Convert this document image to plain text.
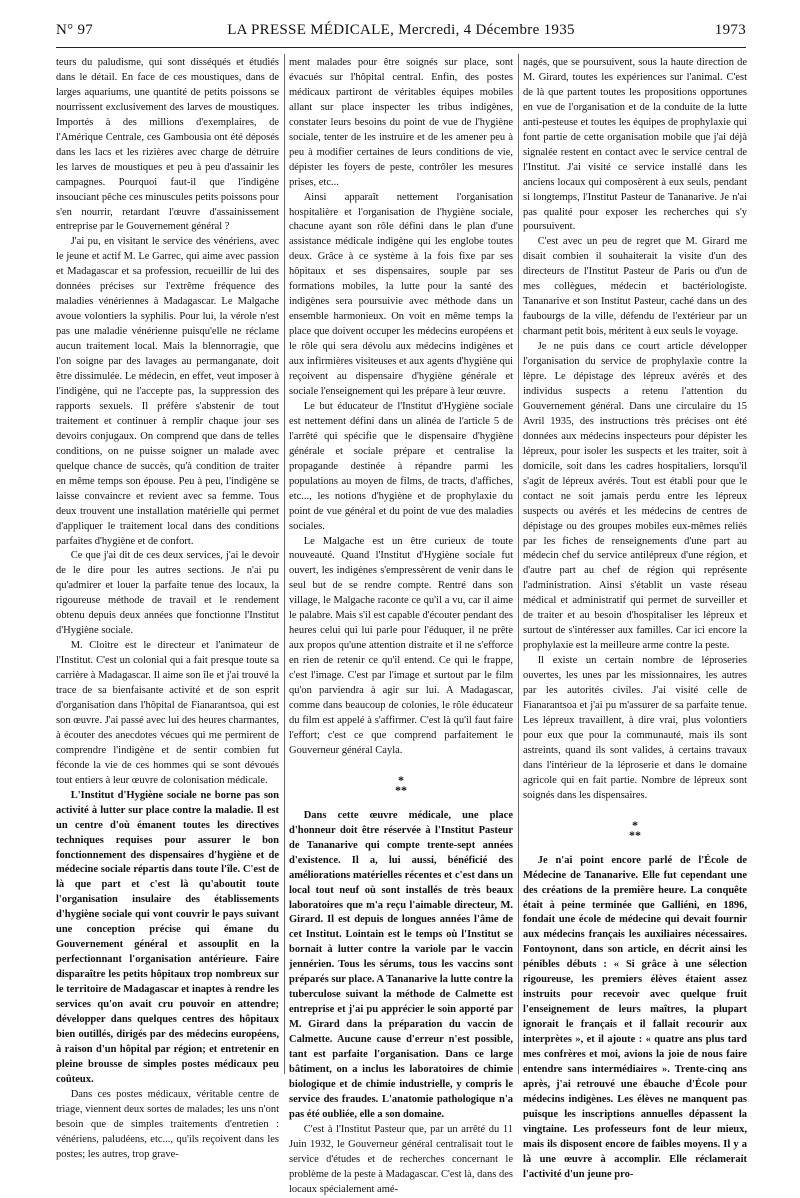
N° 97	LA PRESSE MÉDICALE, Mercredi, 4 Décembre 1935	1973

teurs du paludisme, qui sont disséqués et étudiés dans le détail. En face de ces moustiques, dans de larges aquariums, une quantité de petits poissons se nourrissent exclusivement des larves de moustiques. Importés à des millions d'exemplaires, de l'Amérique Centrale, ces Gambousia ont été déposés dans les lacs et les rizières avec charge de détruire les larves de moustiques et peu à peu d'assainir les campagnes. Pourquoi faut-il que l'indigène insouciant pêche ces minuscules petits poissons pour s'en nourrir, retardant l'œuvre d'assainissement entreprise par le Gouvernement général ?

J'ai pu, en visitant le service des vénériens, avec le jeune et actif M. Le Garrec, qui aime avec passion et Madagascar et sa profession, recueillir de lui des données précises sur l'extrême fréquence des maladies vénériennes à Madagascar. Le Malgache avoue volontiers la syphilis. Pour lui, la vérole n'est pas une maladie vénérienne puisqu'elle ne réclame aucun traitement local. Mais la blennorragie, que l'on soigne par des lavages au permanganate, doit être dissimulée. Le médecin, en effet, veut imposer à l'indigène, qui ne l'accepte pas, la suppression des rapports sexuels. Il préfère s'abstenir de tout traitement et continuer à remplir chaque jour ses devoirs conjugaux. On comprend que dans de telles conditions, on ne puisse soigner un malade avec quelque chance de succès, qu'à condition de traiter en même temps son épouse. Peu à peu, l'indigène se laisse convaincre et revient avec sa femme. Tous deux trouvent une installation matérielle qui permet d'appliquer le traitement local dans des conditions parfaites d'hygiène et de confort.

Ce que j'ai dit de ces deux services, j'ai le devoir de le dire pour les autres sections. Je n'ai pu qu'admirer et louer la parfaite tenue des locaux, la rigoureuse méthode de travail et le rendement obtenu depuis deux années que fonctionne l'Institut d'Hygiène sociale.

M. Cloitre est le directeur et l'animateur de l'Institut. C'est un colonial qui a fait presque toute sa carrière à Madagascar. Il aime son île et j'ai trouvé la trace de sa bienfaisante activité et de son esprit d'organisation dans l'hôpital de Fianarantsoa, qui est son œuvre. J'ai passé avec lui des heures charmantes, à écouter des anecdotes vécues qui me permirent de comprendre l'indigène et de sentir combien fut féconde la vie de ces hommes qui se sont dévoués tout entiers à leur œuvre de colonisation médicale.

L'Institut d'Hygiène sociale ne borne pas son activité à lutter sur place contre la maladie. Il est un centre d'où émanent toutes les directives techniques requises pour assurer le bon fonctionnement des dispensaires d'hygiène et de médecine sociale répartis dans toute l'île. C'est de là que part et c'est là qu'aboutit toute l'organisation insulaire des établissements d'hygiène sociale qui vont couvrir le pays suivant une conception précise qui émane du Gouvernement général et assouplit en la perfectionnant l'organisation antérieure. Faire disparaître les petits hôpitaux trop nombreux sur le territoire de Madagascar et inaptes à rendre les services qu'on avait cru pouvoir en attendre; développer dans quelques centres des hôpitaux bien outillés, dirigés par des médecins européens, à raison d'un hôpital par région; et entretenir en pleine brousse de simples postes médicaux peu coûteux.

Dans ces postes médicaux, véritable centre de triage, viennent deux sortes de malades; les uns n'ont besoin que de simples traitements d'entretien : vénériens, paludéens, etc..., qu'ils reçoivent dans les postes; les autres, trop grave-

ment malades pour être soignés sur place, sont évacués sur l'hôpital central. Enfin, des postes médicaux partiront de véritables équipes mobiles allant sur place inspecter les tribus indigènes, constater leurs besoins du point de vue de l'hygiène sociale, tenter de les instruire et de les amener peu à peu à modifier certaines de leurs conditions de vie, dépister les foyers de peste, contrôler les mesures prises, etc...

Ainsi apparaît nettement l'organisation hospitalière et l'organisation de l'hygiène sociale, chacune ayant son rôle défini dans le plan d'une assistance médicale indigène qui les englobe toutes deux. Grâce à ce système à la fois fixe par ses hôpitaux et ses dispensaires, souple par ses formations mobiles, la lutte pour la santé des indigènes sera poursuivie avec méthode dans un ensemble harmonieux. On voit en même temps la place que doivent occuper les médecins européens et le rôle qui sera dévolu aux médecins indigènes et aux infirmières visiteuses et aux agents d'hygiène qui reçoivent au dispensaire d'hygiène générale et sociale l'enseignement qui les prépare à leur œuvre.

Le but éducateur de l'Institut d'Hygiène sociale est nettement défini dans un alinéa de l'article 5 de l'arrêté qui spécifie que le dispensaire d'hygiène générale et sociale prépare et centralise la propagande destinée à répandre parmi les populations au moyen de films, de tracts, d'affiches, etc..., les notions d'hygiène et de prophylaxie du point de vue général et du point de vue des maladies sociales.

Le Malgache est un être curieux de toute nouveauté. Quand l'Institut d'Hygiène sociale fut ouvert, les indigènes s'empressèrent de venir dans le seul but de se rendre compte. Rentré dans son village, le Malgache raconte ce qu'il a vu, car il aime le palabre. Mais s'il est capable d'écouter pendant des heures celui qui lui parle pour l'éduquer, il ne prête aux propos qu'une attention distraite et il ne s'efforce en rien de retenir ce qu'il entend. Ce qui le frappe, c'est l'image. C'est par l'image et surtout par le film qu'on parviendra à agir sur lui. A Madagascar, comme dans beaucoup de colonies, le rôle éducateur du film est appelé à s'affirmer. C'est là qu'il faut faire l'effort; c'est ce que comprend parfaitement le Gouverneur général Cayla.

*
**

Dans cette œuvre médicale, une place d'honneur doit être réservée à l'Institut Pasteur de Tananarive qui compte trente-sept années d'existence. Il a, lui aussi, bénéficié des améliorations matérielles récentes et c'est dans un local tout neuf où sont installés de très beaux laboratoires que m'a reçu l'aimable directeur, M. Girard. Il est depuis de longues années l'âme de cet Institut. Lointain est le temps où l'Institut se bornait à lutter contre la variole par le vaccin jennérien. Tous les sérums, tous les vaccins sont préparés sur place. A Tananarive la lutte contre la tuberculose suivant la méthode de Calmette est entreprise et j'ai pu apprécier le soin apporté par M. Girard dans la préparation du vaccin de Calmette. Aucune cause d'erreur n'est possible, tant est parfaite l'organisation. Dans ce large bâtiment, on a inclus les laboratoires de chimie biologique et de chimie industrielle, y compris le service des fraudes. L'anatomie pathologique n'a pas été oubliée, elle a son domaine.

C'est à l'Institut Pasteur que, par un arrêté du 11 Juin 1932, le Gouverneur général centralisait tout le service d'études et de recherches concernant le problème de la peste à Madagascar. C'est là, dans des locaux spécialement amé-

nagés, que se poursuivent, sous la haute direction de M. Girard, toutes les expériences sur l'animal. C'est de là que partent toutes les propositions opportunes en vue de l'organisation et de la conduite de la lutte anti-pesteuse et toutes les équipes de prophylaxie qui font partie de cette organisation mobile que j'ai déjà signalée restent en contact avec le service central de l'Institut. J'ai visité ce service installé dans les anciens locaux qui composèrent à eux seuls, pendant si longtemps, l'Institut Pasteur de Tananarive. Je n'ai pas qualité pour exposer les recherches qui s'y poursuivent.

C'est avec un peu de regret que M. Girard me disait combien il souhaiterait la visite d'un des directeurs de l'Institut Pasteur de Paris ou d'un de mes collègues, médecin et bactériologiste. Tananarive et son Institut Pasteur, caché dans un des faubourgs de la ville, défendu de l'extérieur par un charmant petit bois, méritent à eux seuls le voyage.

Je ne puis dans ce court article développer l'organisation du service de prophylaxie contre la lèpre. Le dépistage des lépreux avérés et des individus suspects a retenu l'attention du Gouvernement général. Dans une circulaire du 15 Avril 1935, des instructions très précises ont été données aux médecins inspecteurs pour dépister les lépreux, pour isoler les suspects et les traiter, soit à domicile, soit dans les cadres hospitaliers, lorsqu'il s'agit de lépreux avérés. Tout est établi pour que le contact ne soit jamais perdu entre les lépreux suspects ou avérés et les médecins de centres de dépistage ou des groupes mobiles eux-mêmes reliés par les fiches de renseignements d'une part au médecin chef du service antilépreux d'une région, et d'autre part au chef de région qui représente l'administration. Ainsi s'établit un vaste réseau médical et administratif qui permet de surveiller et de traiter et au besoin d'hospitaliser les lépreux et surtout de s'intéresser aux familles. Car ici encore la prophylaxie est la meilleure arme contre la peste.

Il existe un certain nombre de léproseries ouvertes, les unes par les missionnaires, les autres par les autorités civiles. J'ai visité celle de Fianarantsoa et j'ai pu m'assurer de sa parfaite tenue. Les lépreux travaillent, à dire vrai, plus volontiers pour eux que pour la communauté, mais ils sont astreints, quand ils sont valides, à certains travaux dans l'intérieur de la léproserie et dans le domaine agricole qui en fait partie. Nombre de lépreux sont soignés dans les dispensaires.

*
**

Je n'ai point encore parlé de l'École de Médecine de Tananarive. Elle fut cependant une des créations de la première heure. La conquête était à peine terminée que Galliéni, en 1896, fondait une école de médecine qui devait fournir aux médecins français les auxiliaires nécessaires. Fontoynont, dans son article, en décrit ainsi les pénibles débuts : « Si grâce à une sélection rigoureuse, les premiers élèves étaient assez instruits pour recevoir avec quelque fruit l'enseignement de leurs maîtres, la plupart ignorait le français et il fallait recourir aux interprètes », et il ajoute : « quatre ans plus tard mes confrères et moi, avions la joie de nous faire entendre sans intermédiaires ». Trente-cinq ans après, j'ai retrouvé une ébauche d'École pour médecins indigènes. Les élèves ne manquent pas puisque les inscriptions annuelles dépassent la vingtaine. Les professeurs font de leur mieux, mais ils disposent encore de faibles moyens. Il y a là une œuvre à accomplir. Elle réclamerait l'activité d'un jeune pro-
